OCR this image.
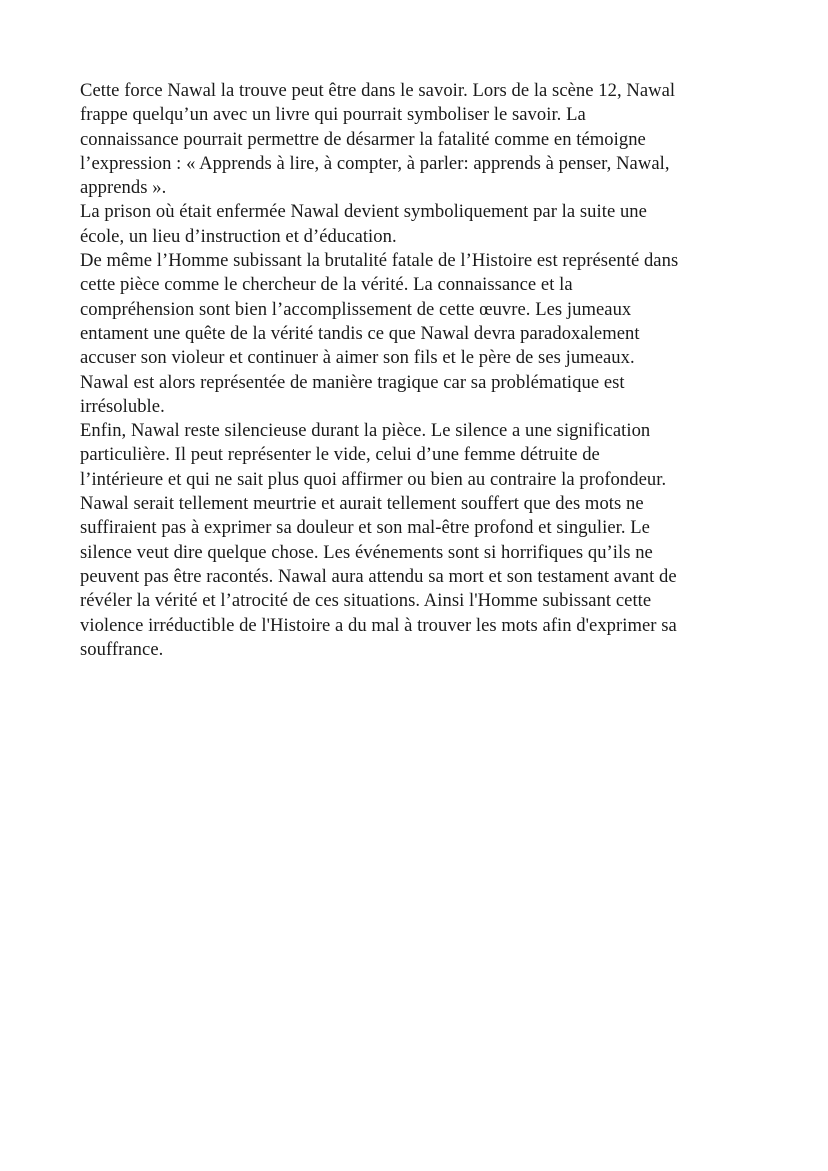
Cette force Nawal la trouve peut être dans le savoir. Lors de la scène 12, Nawal
frappe quelqu’un avec un livre qui pourrait symboliser le savoir. La
connaissance pourrait permettre de désarmer la fatalité comme en témoigne
l’expression : « Apprends à lire, à compter, à parler: apprends à penser, Nawal,
apprends ».
La prison où était enfermée Nawal devient symboliquement par la suite une
école, un lieu d’instruction et d’éducation.
De même l’Homme subissant la brutalité fatale de l’Histoire est représenté dans
cette pièce comme le chercheur de la vérité. La connaissance et la
compréhension sont bien l’accomplissement de cette œuvre. Les jumeaux
entament une quête de la vérité tandis ce que Nawal devra paradoxalement
accuser son violeur et continuer à aimer son fils et le père de ses jumeaux.
Nawal est alors représentée de manière tragique car sa problématique est
irrésoluble.
Enfin, Nawal reste silencieuse durant la pièce. Le silence a une signification
particulière. Il peut représenter le vide, celui d’une femme détruite de
l’intérieure et qui ne sait plus quoi affirmer ou bien au contraire la profondeur.
Nawal serait tellement meurtrie et aurait tellement souffert que des mots ne
suffiraient pas à exprimer sa douleur et son mal-être profond et singulier. Le
silence veut dire quelque chose. Les événements sont si horrifiques qu’ils ne
peuvent pas être racontés. Nawal aura attendu sa mort et son testament avant de
révéler la vérité et l’atrocité de ces situations. Ainsi l'Homme subissant cette
violence irréductible de l'Histoire a du mal à trouver les mots afin d'exprimer sa
souffrance.
